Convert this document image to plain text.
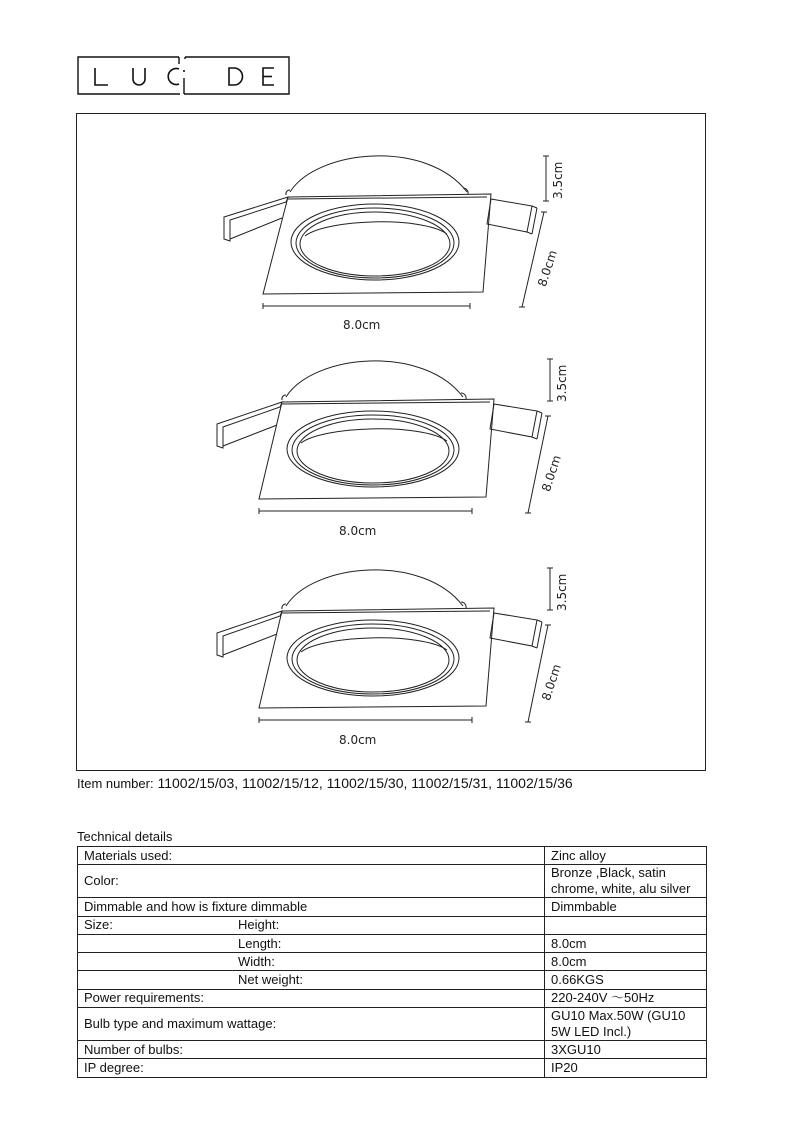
8.0cm
3.5cm
8.0cm
8.0cm
3.5cm
8.0cm
8.0cm
3.5cm
8.0cm
Item number: 11002/15/03, 11002/15/12, 11002/15/30, 11002/15/31, 11002/15/36
Technical details
Materials used:	Zinc alloy
Color:	Bronze ,Black, satin chrome, white, alu silver
Dimmable and how is fixture dimmable	Dimmbable
Size: Height:	
Length:	8.0cm
Width:	8.0cm
Net weight:	0.66KGS
Power requirements:	220-240V 〜50Hz
Bulb type and maximum wattage:	GU10 Max.50W (GU10 5W LED Incl.)
Number of bulbs:	3XGU10
IP degree:	IP20
